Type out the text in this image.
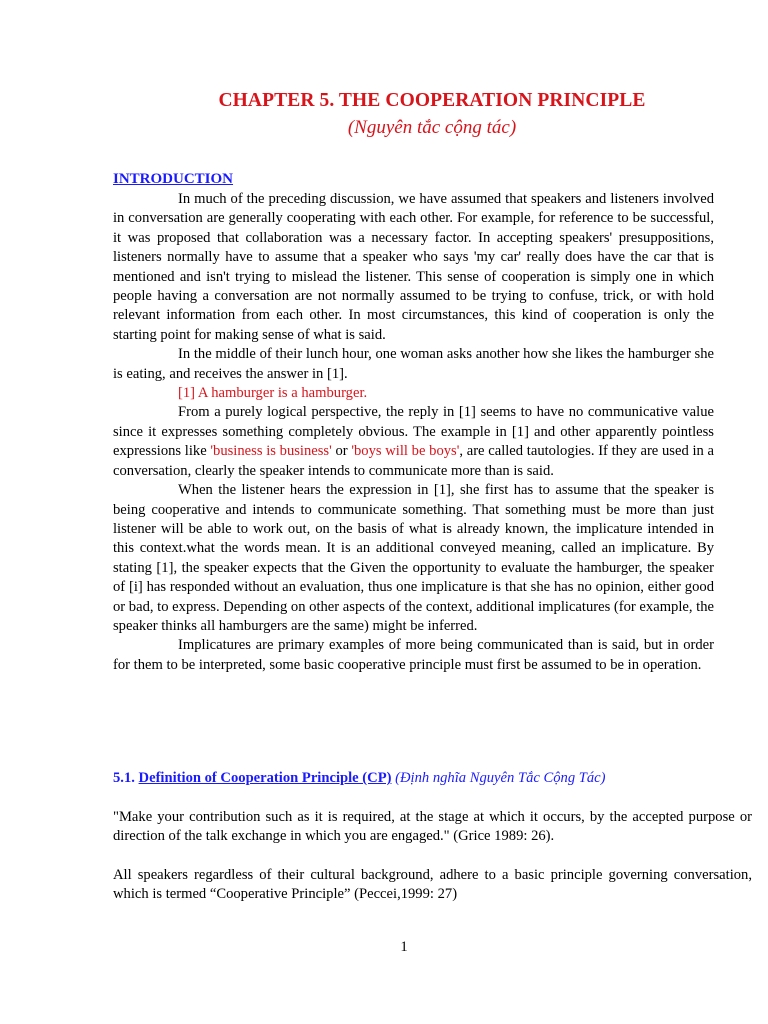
CHAPTER 5. THE COOPERATION PRINCIPLE
(Nguyên tắc cộng tác)
INTRODUCTION

In much of the preceding discussion, we have assumed that speakers and listeners involved in conversation are generally cooperating with each other. For example, for reference to be successful, it was proposed that collaboration was a necessary factor. In accepting speakers' presuppositions, listeners normally have to assume that a speaker who says 'my car' really does have the car that is mentioned and isn't trying to mislead the listener. This sense of cooperation is simply one in which people having a conversation are not normally assumed to be trying to confuse, trick, or with hold relevant information from each other. In most circumstances, this kind of cooperation is only the starting point for making sense of what is said.

In the middle of their lunch hour, one woman asks another how she likes the hamburger she is eating, and receives the answer in [1].

[1] A hamburger is a hamburger.

From a purely logical perspective, the reply in [1] seems to have no communicative value since it expresses something completely obvious. The example in [1] and other apparently pointless expressions like 'business is business' or 'boys will be boys', are called tautologies. If they are used in a conversation, clearly the speaker intends to communicate more than is said.

When the listener hears the expression in [1], she first has to assume that the speaker is being cooperative and intends to communicate something. That something must be more than just listener will be able to work out, on the basis of what is already known, the implicature intended in this context.what the words mean. It is an additional conveyed meaning, called an implicature. By stating [1], the speaker expects that the Given the opportunity to evaluate the hamburger, the speaker of [i] has responded without an evaluation, thus one implicature is that she has no opinion, either good or bad, to express. Depending on other aspects of the context, additional implicatures (for example, the speaker thinks all hamburgers are the same) might be inferred.

Implicatures are primary examples of more being communicated than is said, but in order for them to be interpreted, some basic cooperative principle must first be assumed to be in operation.

5.1. Definition of Cooperation Principle (CP) (Định nghĩa Nguyên Tắc Cộng Tác)
"Make your contribution such as it is required, at the stage at which it occurs, by the accepted purpose or direction of the talk exchange in which you are engaged." (Grice 1989: 26).
All speakers regardless of their cultural background, adhere to a basic principle governing conversation, which is termed “Cooperative Principle” (Peccei,1999: 27)
1
